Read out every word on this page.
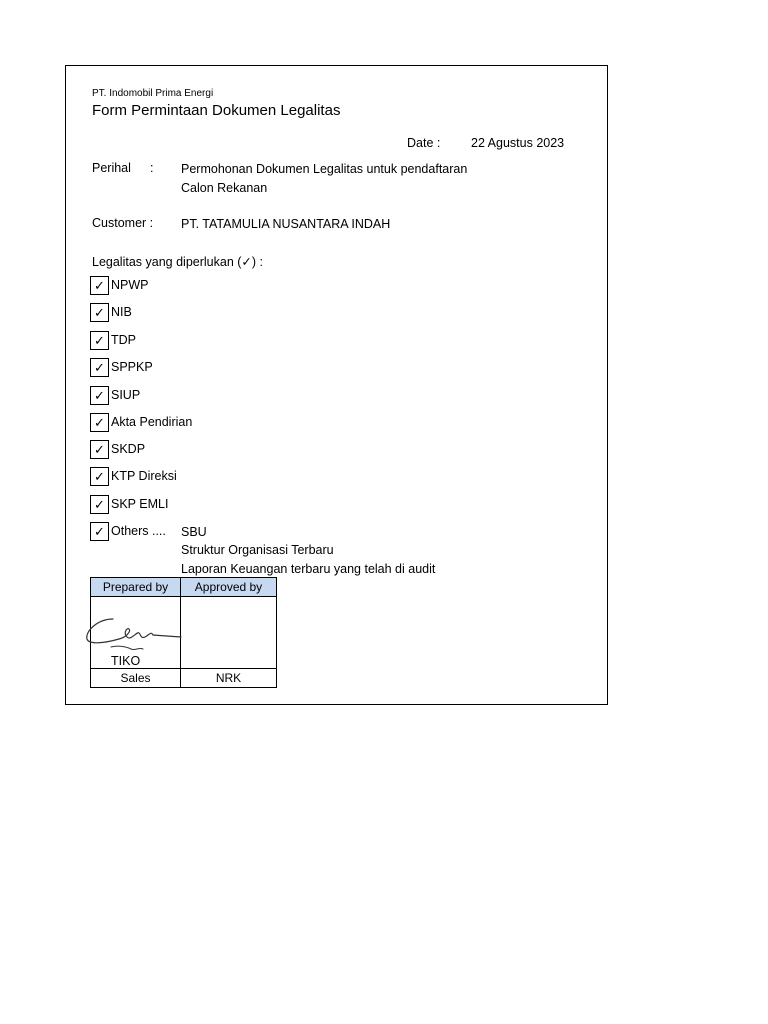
PT. Indomobil Prima Energi
Form Permintaan Dokumen Legalitas
Date : 22 Agustus 2023
Perihal : Permohonan Dokumen Legalitas untuk pendaftaran
Calon Rekanan
Customer : PT. TATAMULIA NUSANTARA INDAH
Legalitas yang diperlukan (✓) :
✓ NPWP
✓ NIB
✓ TDP
✓ SPPKP
✓ SIUP
✓ Akta Pendirian
✓ SKDP
✓ KTP Direksi
✓ SKP EMLI
✓ Others .... SBU
Struktur Organisasi Terbaru
Laporan Keuangan terbaru yang telah di audit
Prepared by	Approved by

TIKO	

Sales	NRK
